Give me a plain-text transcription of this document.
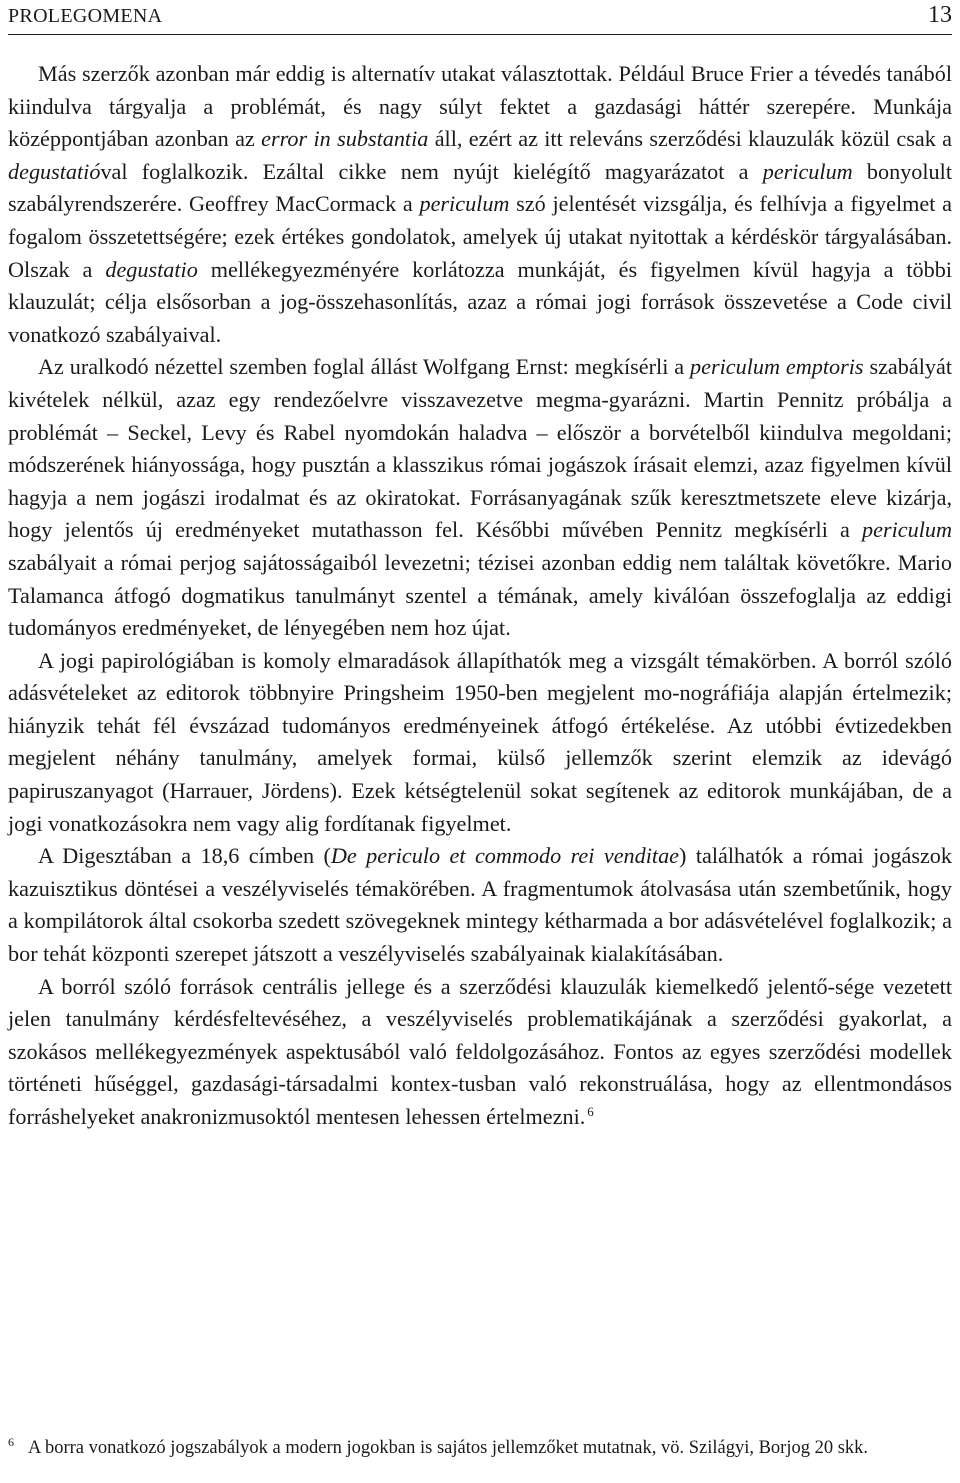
PROLEGOMENA	13

Más szerzők azonban már eddig is alternatív utakat választottak. Például Bruce Frier a tévedés tanából kiindulva tárgyalja a problémát, és nagy súlyt fektet a gazdasági háttér szerepére. Munkája középpontjában azonban az error in substantia áll, ezért az itt releváns szerződési klauzulák közül csak a degustatióval foglalkozik. Ezáltal cikke nem nyújt kielégítő magyarázatot a periculum bonyolult szabályrendszerére. Geoffrey MacCormack a periculum szó jelentését vizsgálja, és felhívja a figyelmet a fogalom összetettségére; ezek értékes gondolatok, amelyek új utakat nyitottak a kérdéskör tárgyalásában. Olszak a degustatio mellékegyezményére korlátozza munkáját, és figyelmen kívül hagyja a többi klauzulát; célja elsősorban a jog-összehasonlítás, azaz a római jogi források összevetése a Code civil vonatkozó szabályaival.

Az uralkodó nézettel szemben foglal állást Wolfgang Ernst: megkísérli a periculum emptoris szabályát kivételek nélkül, azaz egy rendezőelvre visszavezetve megma-gyarázni. Martin Pennitz próbálja a problémát – Seckel, Levy és Rabel nyomdokán haladva – először a borvételből kiindulva megoldani; módszerének hiányossága, hogy pusztán a klasszikus római jogászok írásait elemzi, azaz figyelmen kívül hagyja a nem jogászi irodalmat és az okiratokat. Forrásanyagának szűk keresztmetszete eleve kizárja, hogy jelentős új eredményeket mutathasson fel. Későbbi művében Pennitz megkísérli a periculum szabályait a római perjog sajátosságaiból levezetni; tézisei azonban eddig nem találtak követőkre. Mario Talamanca átfogó dogmatikus tanulmányt szentel a témának, amely kiválóan összefoglalja az eddigi tudományos eredményeket, de lényegében nem hoz újat.

A jogi papirológiában is komoly elmaradások állapíthatók meg a vizsgált témakörben. A borról szóló adásvételeket az editorok többnyire Pringsheim 1950-ben megjelent mo-nográfiája alapján értelmezik; hiányzik tehát fél évszázad tudományos eredményeinek átfogó értékelése. Az utóbbi évtizedekben megjelent néhány tanulmány, amelyek formai, külső jellemzők szerint elemzik az idevágó papiruszanyagot (Harrauer, Jördens). Ezek kétségtelenül sokat segítenek az editorok munkájában, de a jogi vonatkozásokra nem vagy alig fordítanak figyelmet.

A Digesztában a 18,6 címben (De periculo et commodo rei venditae) találhatók a római jogászok kazuisztikus döntései a veszélyviselés témakörében. A fragmentumok átolvasása után szembetűnik, hogy a kompilátorok által csokorba szedett szövegeknek mintegy kétharmada a bor adásvételével foglalkozik; a bor tehát központi szerepet játszott a veszélyviselés szabályainak kialakításában.

A borról szóló források centrális jellege és a szerződési klauzulák kiemelkedő jelentő-sége vezetett jelen tanulmány kérdésfeltevéséhez, a veszélyviselés problematikájának a szerződési gyakorlat, a szokásos mellékegyezmények aspektusából való feldolgozásához. Fontos az egyes szerződési modellek történeti hűséggel, gazdasági-társadalmi kontex-tusban való rekonstruálása, hogy az ellentmondásos forráshelyeket anakronizmusoktól mentesen lehessen értelmezni. $^6$

6 A borra vonatkozó jogszabályok a modern jogokban is sajátos jellemzőket mutatnak, vö. Szilágyi, Borjog 20 skk.
